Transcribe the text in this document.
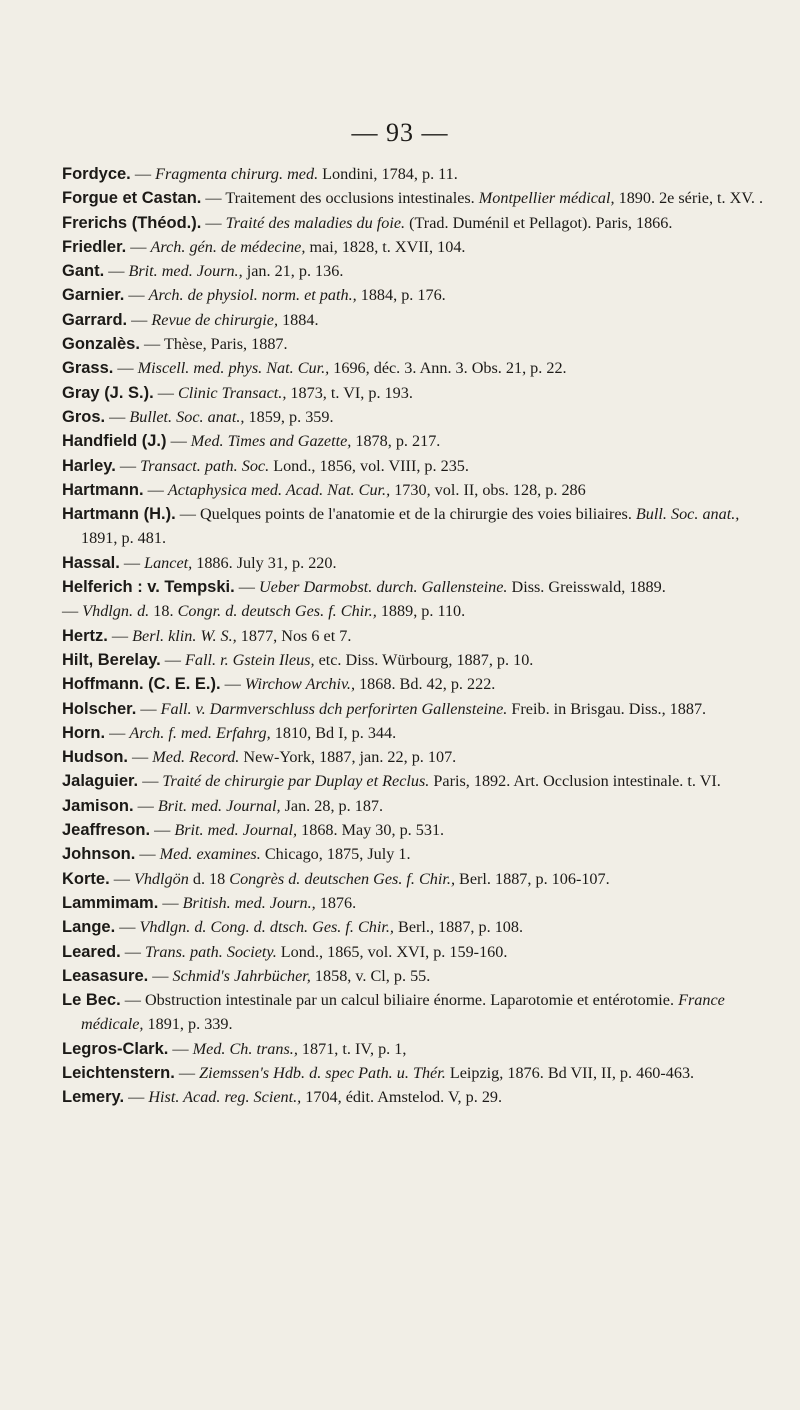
— 93 —
Fordyce. — Fragmenta chirurg. med. Londini, 1784, p. 11.
Forgue et Castan. — Traitement des occlusions intestinales. Montpellier médical, 1890. 2e série, t. XV. .
Frerichs (Théod.). — Traité des maladies du foie. (Trad. Duménil et Pellagot). Paris, 1866.
Friedler. — Arch. gén. de médecine, mai, 1828, t. XVII, 104.
Gant. — Brit. med. Journ., jan. 21, p. 136.
Garnier. — Arch. de physiol. norm. et path., 1884, p. 176.
Garrard. — Revue de chirurgie, 1884.
Gonzalès. — Thèse, Paris, 1887.
Grass. — Miscell. med. phys. Nat. Cur., 1696, déc. 3. Ann. 3. Obs. 21, p. 22.
Gray (J. S.). — Clinic Transact., 1873, t. VI, p. 193.
Gros. — Bullet. Soc. anat., 1859, p. 359.
Handfield (J.) — Med. Times and Gazette, 1878, p. 217.
Harley. — Transact. path. Soc. Lond., 1856, vol. VIII, p. 235.
Hartmann. — Actaphysica med. Acad. Nat. Cur., 1730, vol. II, obs. 128, p. 286
Hartmann (H.). — Quelques points de l'anatomie et de la chirurgie des voies biliaires. Bull. Soc. anat., 1891, p. 481.
Hassal. — Lancet, 1886. July 31, p. 220.
Helferich : v. Tempski. — Ueber Darmobst. durch. Gallensteine. Diss. Greisswald, 1889.
— Vhdlgn. d. 18. Congr. d. deutsch Ges. f. Chir., 1889, p. 110.
Hertz. — Berl. klin. W. S., 1877, Nos 6 et 7.
Hilt, Berelay. — Fall. r. Gstein Ileus, etc. Diss. Würbourg, 1887, p. 10.
Hoffmann. (C. E. E.). — Wirchow Archiv., 1868. Bd. 42, p. 222.
Holscher. — Fall. v. Darmverschluss dch perforirten Gallensteine. Freib. in Brisgau. Diss., 1887.
Horn. — Arch. f. med. Erfahrg, 1810, Bd I, p. 344.
Hudson. — Med. Record. New-York, 1887, jan. 22, p. 107.
Jalaguier. — Traité de chirurgie par Duplay et Reclus. Paris, 1892. Art. Occlusion intestinale. t. VI.
Jamison. — Brit. med. Journal, Jan. 28, p. 187.
Jeaffreson. — Brit. med. Journal, 1868. May 30, p. 531.
Johnson. — Med. examines. Chicago, 1875, July 1.
Korte. — Vhdlgön d. 18 Congrès d. deutschen Ges. f. Chir., Berl. 1887, p. 106-107.
Lammimam. — British. med. Journ., 1876.
Lange. — Vhdlgn. d. Cong. d. dtsch. Ges. f. Chir., Berl., 1887, p. 108.
Leared. — Trans. path. Society. Lond., 1865, vol. XVI, p. 159-160.
Leasasure. — Schmid's Jahrbücher, 1858, v. Cl, p. 55.
Le Bec. — Obstruction intestinale par un calcul biliaire énorme. Laparotomie et entérotomie. France médicale, 1891, p. 339.
Legros-Clark. — Med. Ch. trans., 1871, t. IV, p. 1,
Leichtenstern. — Ziemssen's Hdb. d. spec Path. u. Thér. Leipzig, 1876. Bd VII, II, p. 460-463.
Lemery. — Hist. Acad. reg. Scient., 1704, édit. Amstelod. V, p. 29.
